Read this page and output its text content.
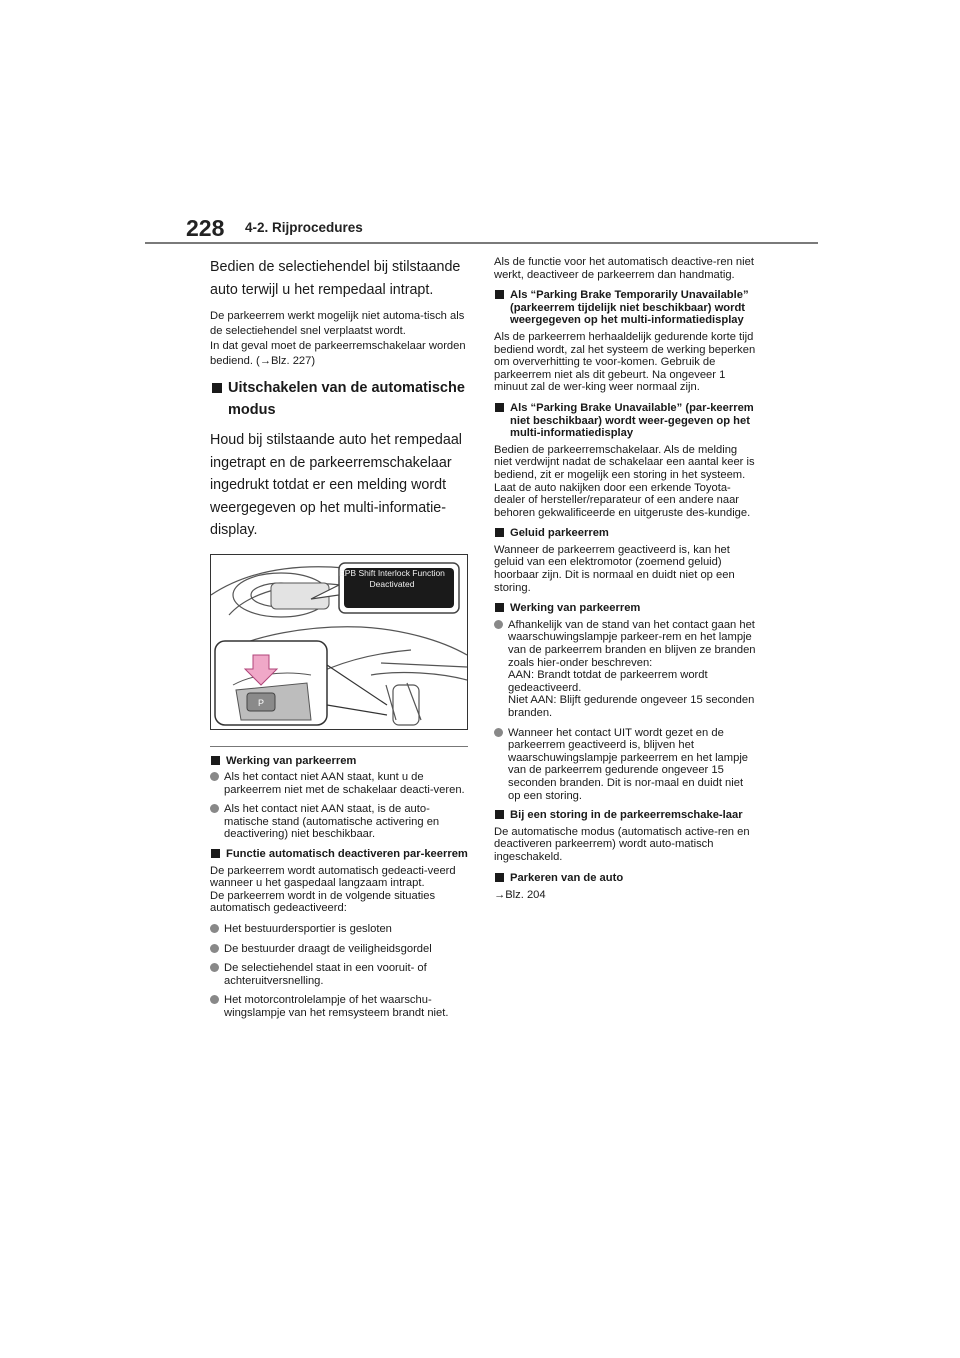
228 4-2. Rijprocedures

Bedien de selectiehendel bij stilstaande auto terwijl u het rempedaal intrapt.

De parkeerrem werkt mogelijk niet automa-tisch als de selectiehendel snel verplaatst wordt.

In dat geval moet de parkeerremschakelaar worden bediend. (→Blz. 227)

Uitschakelen van de automatische modus

Houd bij stilstaande auto het rempedaal ingetrapt en de parkeerremschakelaar ingedrukt totdat er een melding wordt weergegeven op het multi-informatie-display.

P
Werking van parkeerrem
Als het contact niet AAN staat, kunt u de parkeerrem niet met de schakelaar deacti-veren.
Als het contact niet AAN staat, is de auto-matische stand (automatische activering en deactivering) niet beschikbaar.
Functie automatisch deactiveren par-keerrem

De parkeerrem wordt automatisch gedeacti-veerd wanneer u het gaspedaal langzaam intrapt.

De parkeerrem wordt in de volgende situaties automatisch gedeactiveerd:

Het bestuurdersportier is gesloten
De bestuurder draagt de veiligheidsgordel
De selectiehendel staat in een vooruit- of achteruitversnelling.
Het motorcontrolelampje of het waarschu-wingslampje van het remsysteem brandt niet.
EPB Shift Interlock Function
Deactivated

Als de functie voor het automatisch deactive-ren niet werkt, deactiveer de parkeerrem dan handmatig.

Als “Parking Brake Temporarily Unavailable” (parkeerrem tijdelijk niet beschikbaar) wordt weergegeven op het multi-informatiedisplay

Als de parkeerrem herhaaldelijk gedurende korte tijd bediend wordt, zal het systeem de werking beperken om oververhitting te voor-komen. Gebruik de parkeerrem niet als dit gebeurt. Na ongeveer 1 minuut zal de wer-king weer normaal zijn.

Als “Parking Brake Unavailable” (par-keerrem niet beschikbaar) wordt weer-gegeven op het multi-informatiedisplay

Bedien de parkeerremschakelaar. Als de melding niet verdwijnt nadat de schakelaar een aantal keer is bediend, zit er mogelijk een storing in het systeem. Laat de auto nakijken door een erkende Toyota-dealer of hersteller/reparateur of een andere naar behoren gekwalificeerde en uitgeruste des-kundige.

Geluid parkeerrem

Wanneer de parkeerrem geactiveerd is, kan het geluid van een elektromotor (zoemend geluid) hoorbaar zijn. Dit is normaal en duidt niet op een storing.

Werking van parkeerrem
Afhankelijk van de stand van het contact gaan het waarschuwingslampje parkeer-rem en het lampje van de parkeerrem branden en blijven ze branden zoals hier-onder beschreven:
AAN: Brandt totdat de parkeerrem wordt gedeactiveerd.
Niet AAN: Blijft gedurende ongeveer 15 seconden branden.
Wanneer het contact UIT wordt gezet en de parkeerrem geactiveerd is, blijven het waarschuwingslampje parkeerrem en het lampje van de parkeerrem gedurende ongeveer 15 seconden branden. Dit is nor-maal en duidt niet op een storing.
Bij een storing in de parkeerremschake-laar

De automatische modus (automatisch active-ren en deactiveren parkeerrem) wordt auto-matisch ingeschakeld.

Parkeren van de auto

→Blz. 204
